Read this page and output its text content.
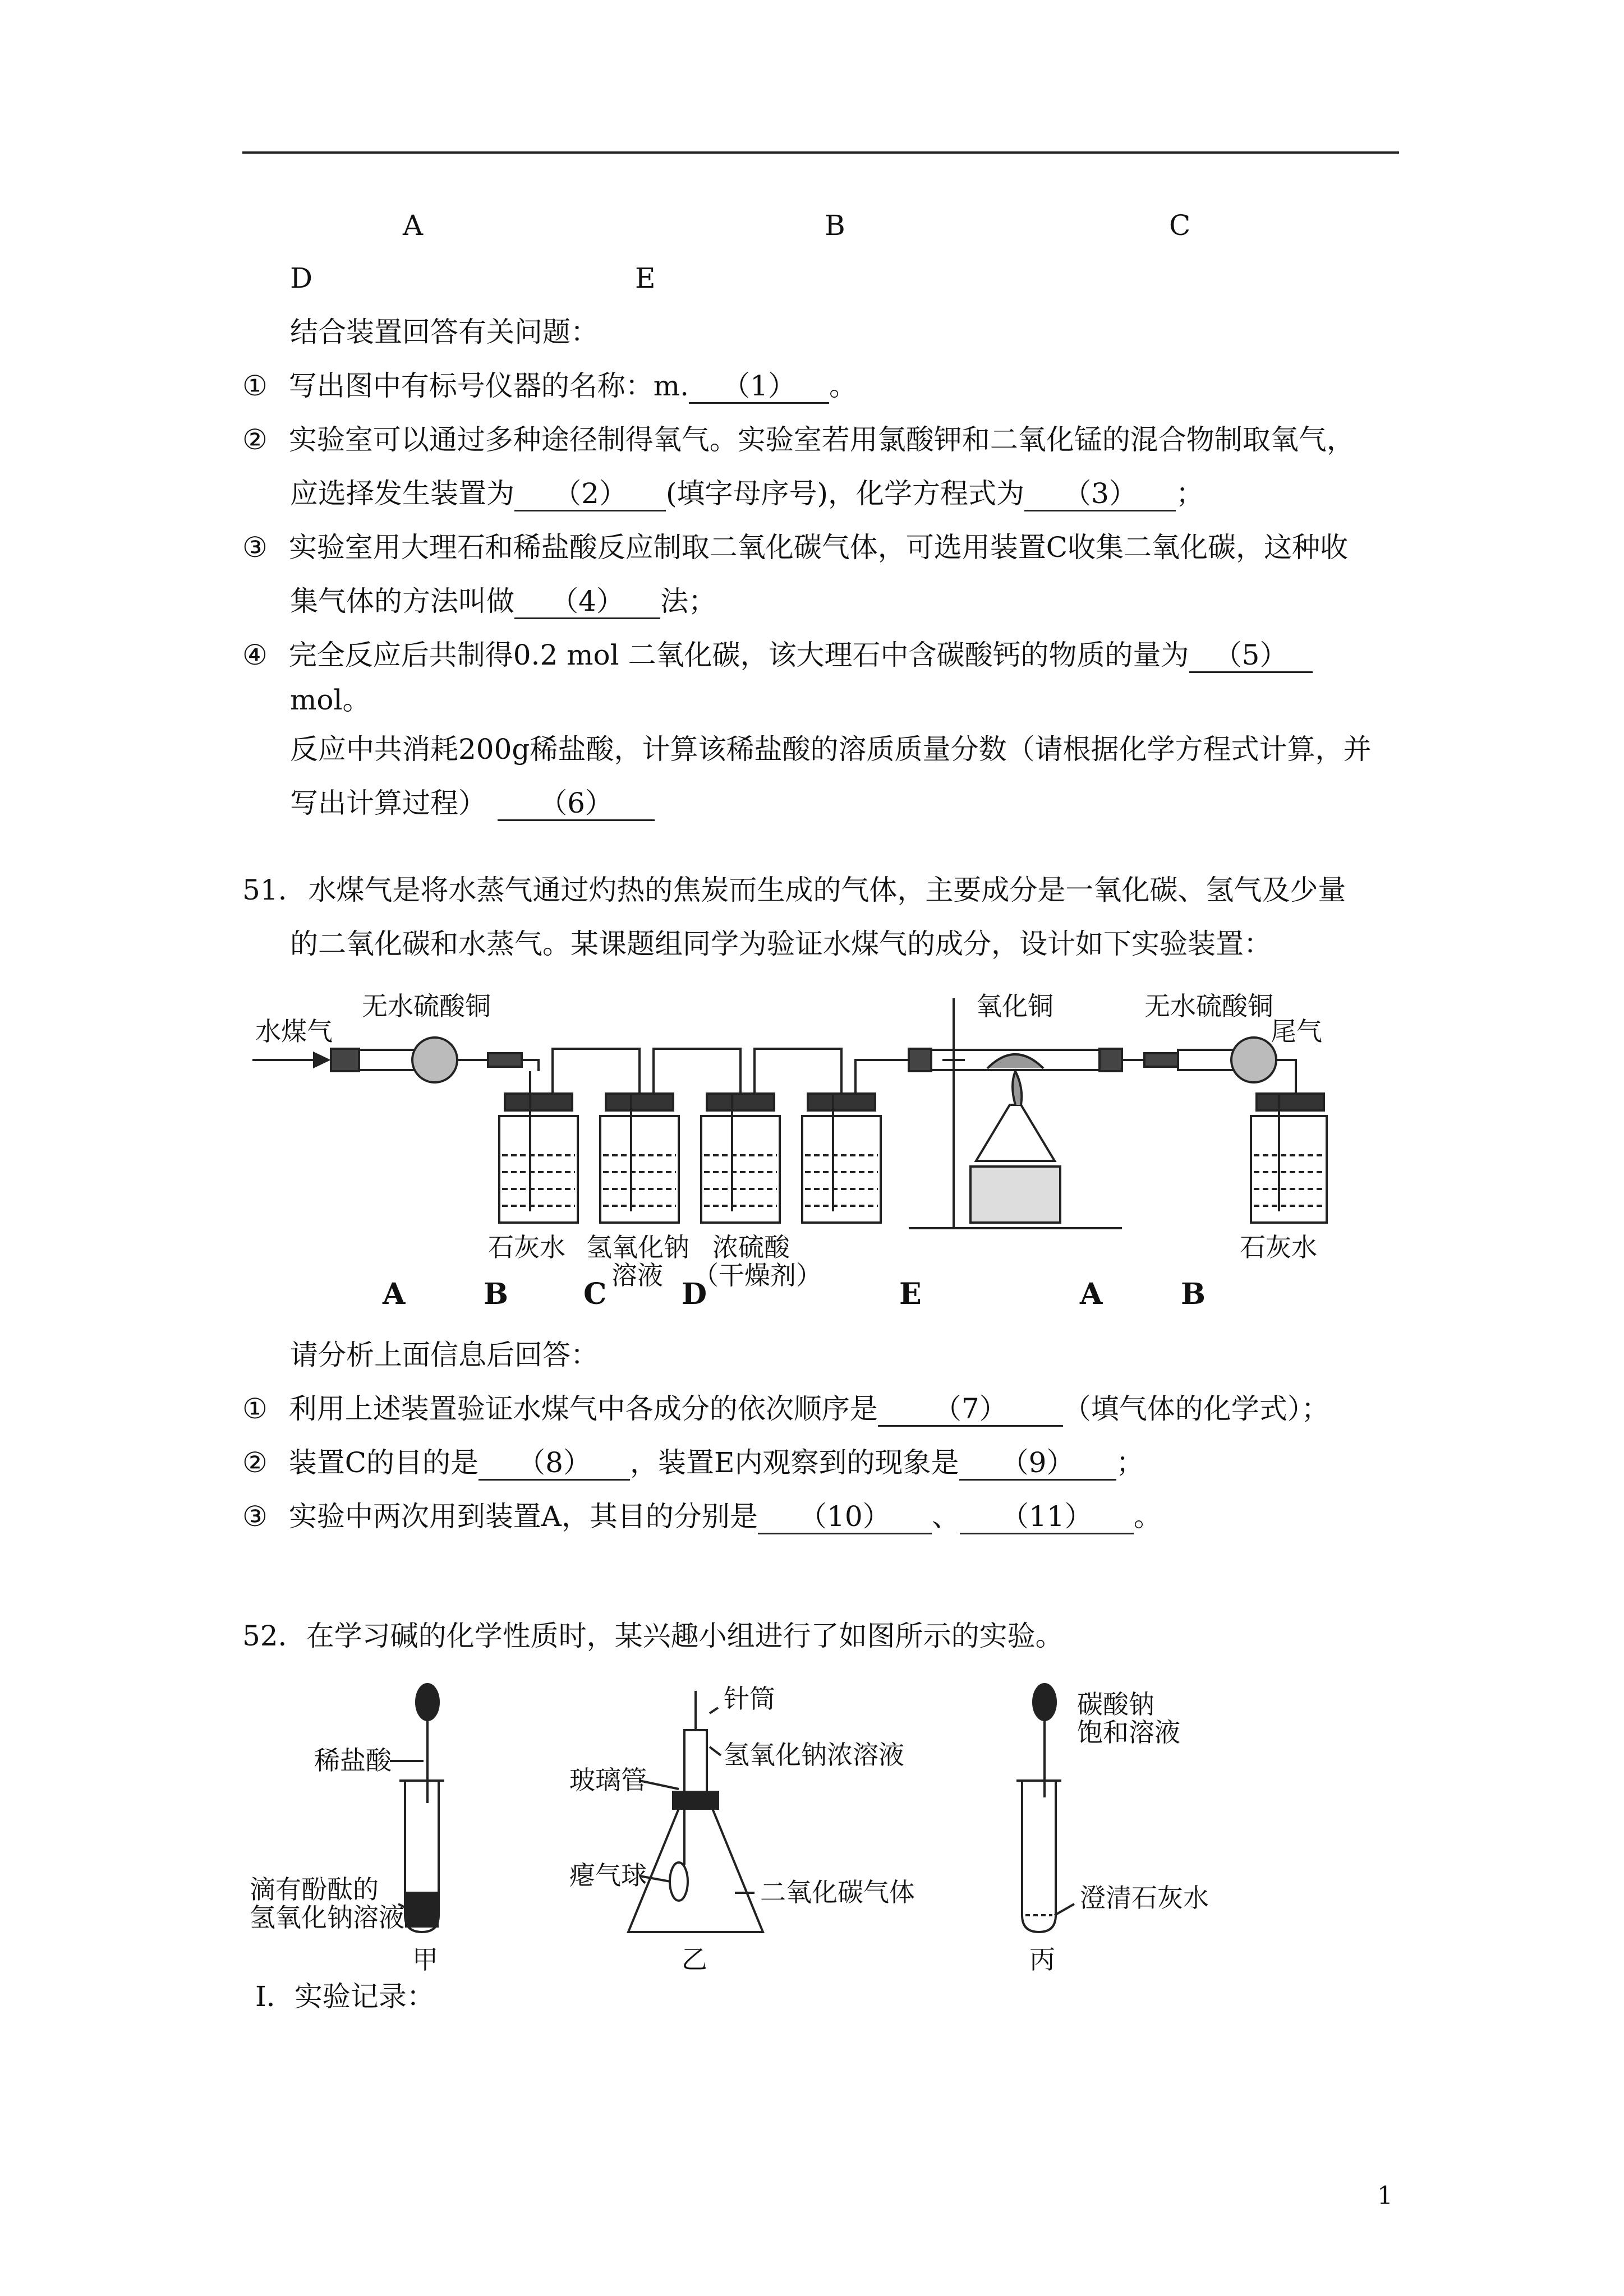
A	B	C
D	E
结合装置回答有关问题：
① 写出图中有标号仪器的名称：m. （1） 。
② 实验室可以通过多种途径制得氧气。实验室若用氯酸钾和二氧化锰的混合物制取氧气，
应选择发生装置为 （2） (填字母序号)，化学方程式为 （3） ；
③ 实验室用大理石和稀盐酸反应制取二氧化碳气体，可选用装置C收集二氧化碳，这种收
集气体的方法叫做 （4） 法；
④ 完全反应后共制得0.2 mol 二氧化碳，该大理石中含碳酸钙的物质的量为 （5）
mol。
反应中共消耗200g稀盐酸，计算该稀盐酸的溶质质量分数（请根据化学方程式计算，并
写出计算过程） （6）
51. 水煤气是将水蒸气通过灼热的焦炭而生成的气体，主要成分是一氧化碳、氢气及少量
的二氧化碳和水蒸气。某课题组同学为验证水煤气的成分，设计如下实验装置：
水煤气
无水硫酸铜	氧化铜	无水硫酸铜
尾气
石灰水 氢氧化钠
溶液
浓硫酸
（干燥剂）
石灰水
A	B	C	D	E	A	B
请分析上面信息后回答：
① 利用上述装置验证水煤气中各成分的依次顺序是 （7） （填气体的化学式）；
② 装置C的目的是 （8） ，装置E内观察到的现象是 （9） ；
③ 实验中两次用到装置A，其目的分别是 （10） 、 （11） 。
52．在学习碱的化学性质时，某兴趣小组进行了如图所示的实验。
稀盐酸
滴有酚酞的
氢氧化钠溶液
甲
针筒
氢氧化钠浓溶液
玻璃管
瘪气球
二氧化碳气体
乙
碳酸钠
饱和溶液
澄清石灰水
丙
Ⅰ．实验记录：
1
